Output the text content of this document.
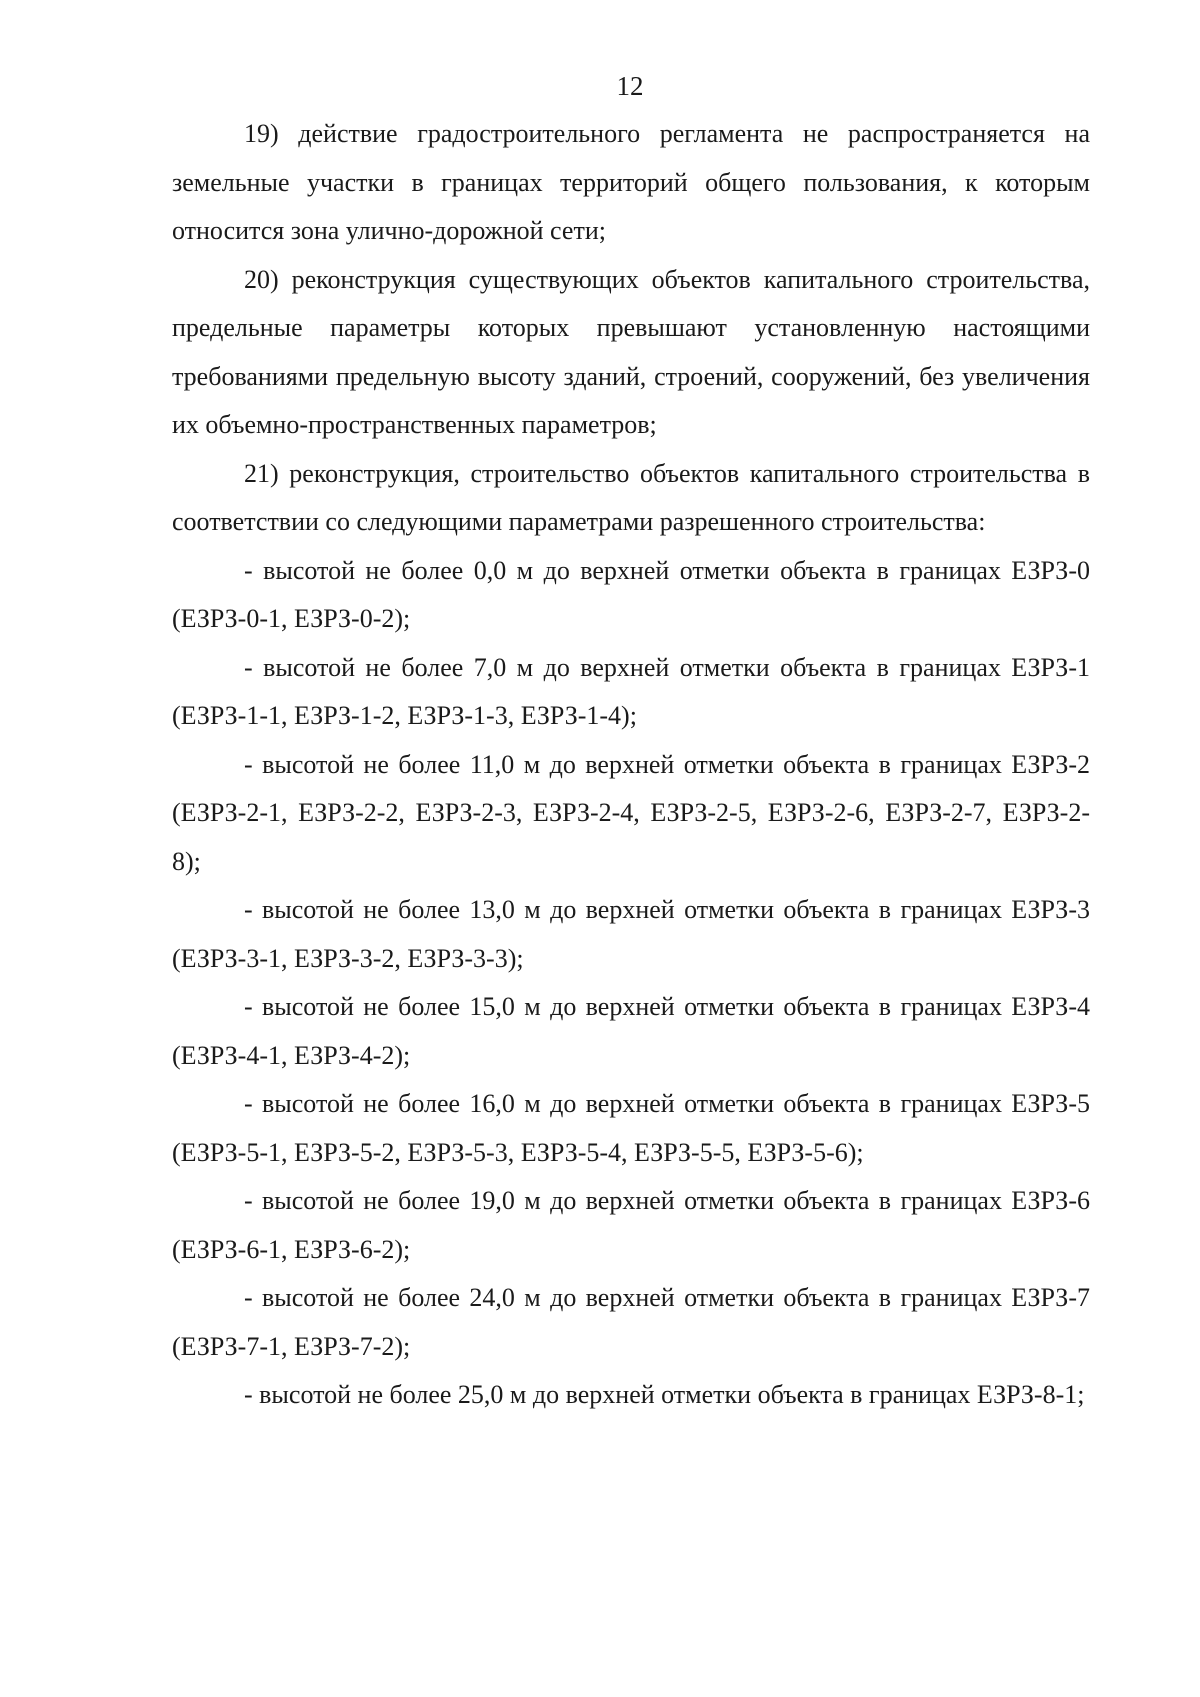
12

19) действие градостроительного регламента не распространяется на земельные участки в границах территорий общего пользования, к которым относится зона улично-дорожной сети;

20) реконструкция существующих объектов капитального строительства, предельные параметры которых превышают установленную настоящими требованиями предельную высоту зданий, строений, сооружений, без увеличения их объемно-пространственных параметров;

21) реконструкция, строительство объектов капитального строительства в соответствии со следующими параметрами разрешенного строительства:

- высотой не более 0,0 м до верхней отметки объекта в границах ЕЗРЗ-0 (ЕЗРЗ-0-1, ЕЗРЗ-0-2);

- высотой не более 7,0 м до верхней отметки объекта в границах ЕЗРЗ-1 (ЕЗРЗ-1-1, ЕЗРЗ-1-2, ЕЗРЗ-1-3, ЕЗРЗ-1-4);

- высотой не более 11,0 м до верхней отметки объекта в границах ЕЗРЗ-2 (ЕЗРЗ-2-1, ЕЗРЗ-2-2, ЕЗРЗ-2-3, ЕЗРЗ-2-4, ЕЗРЗ-2-5, ЕЗРЗ-2-6, ЕЗРЗ-2-7, ЕЗРЗ-2-8);

- высотой не более 13,0 м до верхней отметки объекта в границах ЕЗРЗ-3 (ЕЗРЗ-3-1, ЕЗРЗ-3-2, ЕЗРЗ-3-3);

- высотой не более 15,0 м до верхней отметки объекта в границах ЕЗРЗ-4 (ЕЗРЗ-4-1, ЕЗРЗ-4-2);

- высотой не более 16,0 м до верхней отметки объекта в границах ЕЗРЗ-5 (ЕЗРЗ-5-1, ЕЗРЗ-5-2, ЕЗРЗ-5-3, ЕЗРЗ-5-4, ЕЗРЗ-5-5, ЕЗРЗ-5-6);

- высотой не более 19,0 м до верхней отметки объекта в границах ЕЗРЗ-6 (ЕЗРЗ-6-1, ЕЗРЗ-6-2);

- высотой не более 24,0 м до верхней отметки объекта в границах ЕЗРЗ-7 (ЕЗРЗ-7-1, ЕЗРЗ-7-2);

- высотой не более 25,0 м до верхней отметки объекта в границах ЕЗРЗ-8-1;
